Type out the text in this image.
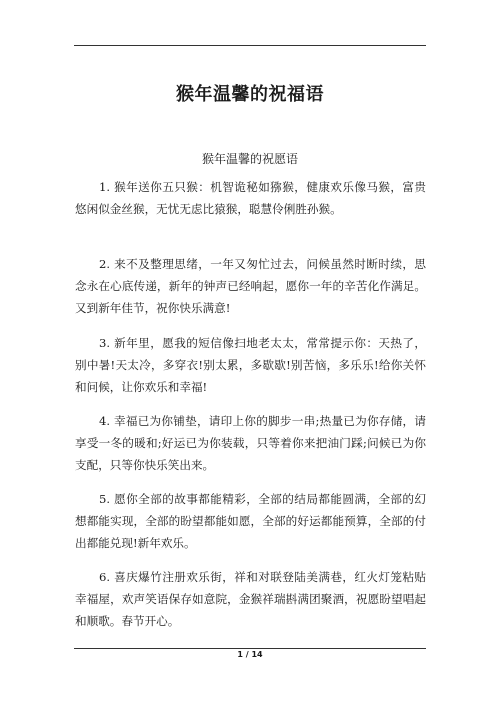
猴年温馨的祝福语

猴年温馨的祝愿语

1. 猴年送你五只猴：机智诡秘如猕猴，健康欢乐像马猴，富贵悠闲似金丝猴，无忧无虑比猿猴，聪慧伶俐胜孙猴。

2. 来不及整理思绪，一年又匆忙过去，问候虽然时断时续，思念永在心底传递，新年的钟声已经响起，愿你一年的辛苦化作满足。又到新年佳节，祝你快乐满意!

3. 新年里，愿我的短信像扫地老太太，常常提示你：天热了，别中暑!天太冷，多穿衣!别太累，多歇歇!别苦恼，多乐乐!给你关怀和问候，让你欢乐和幸福!

4. 幸福已为你铺垫，请印上你的脚步一串;热量已为你存储，请享受一冬的暖和;好运已为你装载，只等着你来把油门踩;问候已为你支配，只等你快乐笑出来。

5. 愿你全部的故事都能精彩，全部的结局都能圆满，全部的幻想都能实现，全部的盼望都能如愿，全部的好运都能预算，全部的付出都能兑现!新年欢乐。

6. 喜庆爆竹注册欢乐街，祥和对联登陆美满巷，红火灯笼粘贴幸福屋，欢声笑语保存如意院，金猴祥瑞斟满团聚酒，祝愿盼望唱起和顺歌。春节开心。

1 / 14
